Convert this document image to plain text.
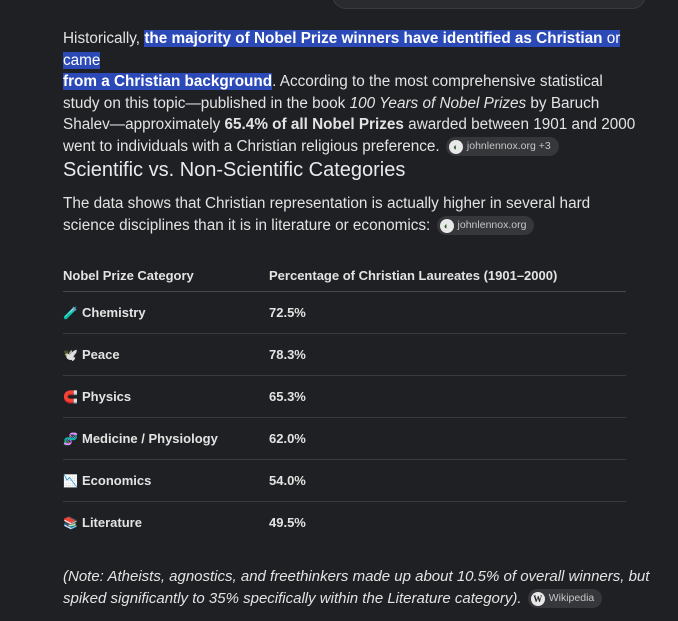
Historically, the majority of Nobel Prize winners have identified as Christian or came
from a Christian background. According to the most comprehensive statistical study on this topic—published in the book 100 Years of Nobel Prizes by Baruch Shalev—approximately 65.4% of all Nobel Prizes awarded between 1901 and 2000 went to individuals with a Christian religious preference.	◐ johnlennox.org +3

Scientific vs. Non-Scientific Categories

The data shows that Christian representation is actually higher in several hard science disciplines than it is in literature or economics:	◐ johnlennox.org

Nobel Prize Category	Percentage of Christian Laureates (1901–2000)
🧪 Chemistry	72.5%
🕊️ Peace	78.3%
🧲 Physics	65.3%
🧬 Medicine / Physiology	62.0%
📉 Economics	54.0%
📚 Literature	49.5%

(Note: Atheists, agnostics, and freethinkers made up about 10.5% of overall winners, but spiked significantly to 35% specifically within the Literature category). W Wikipedia
